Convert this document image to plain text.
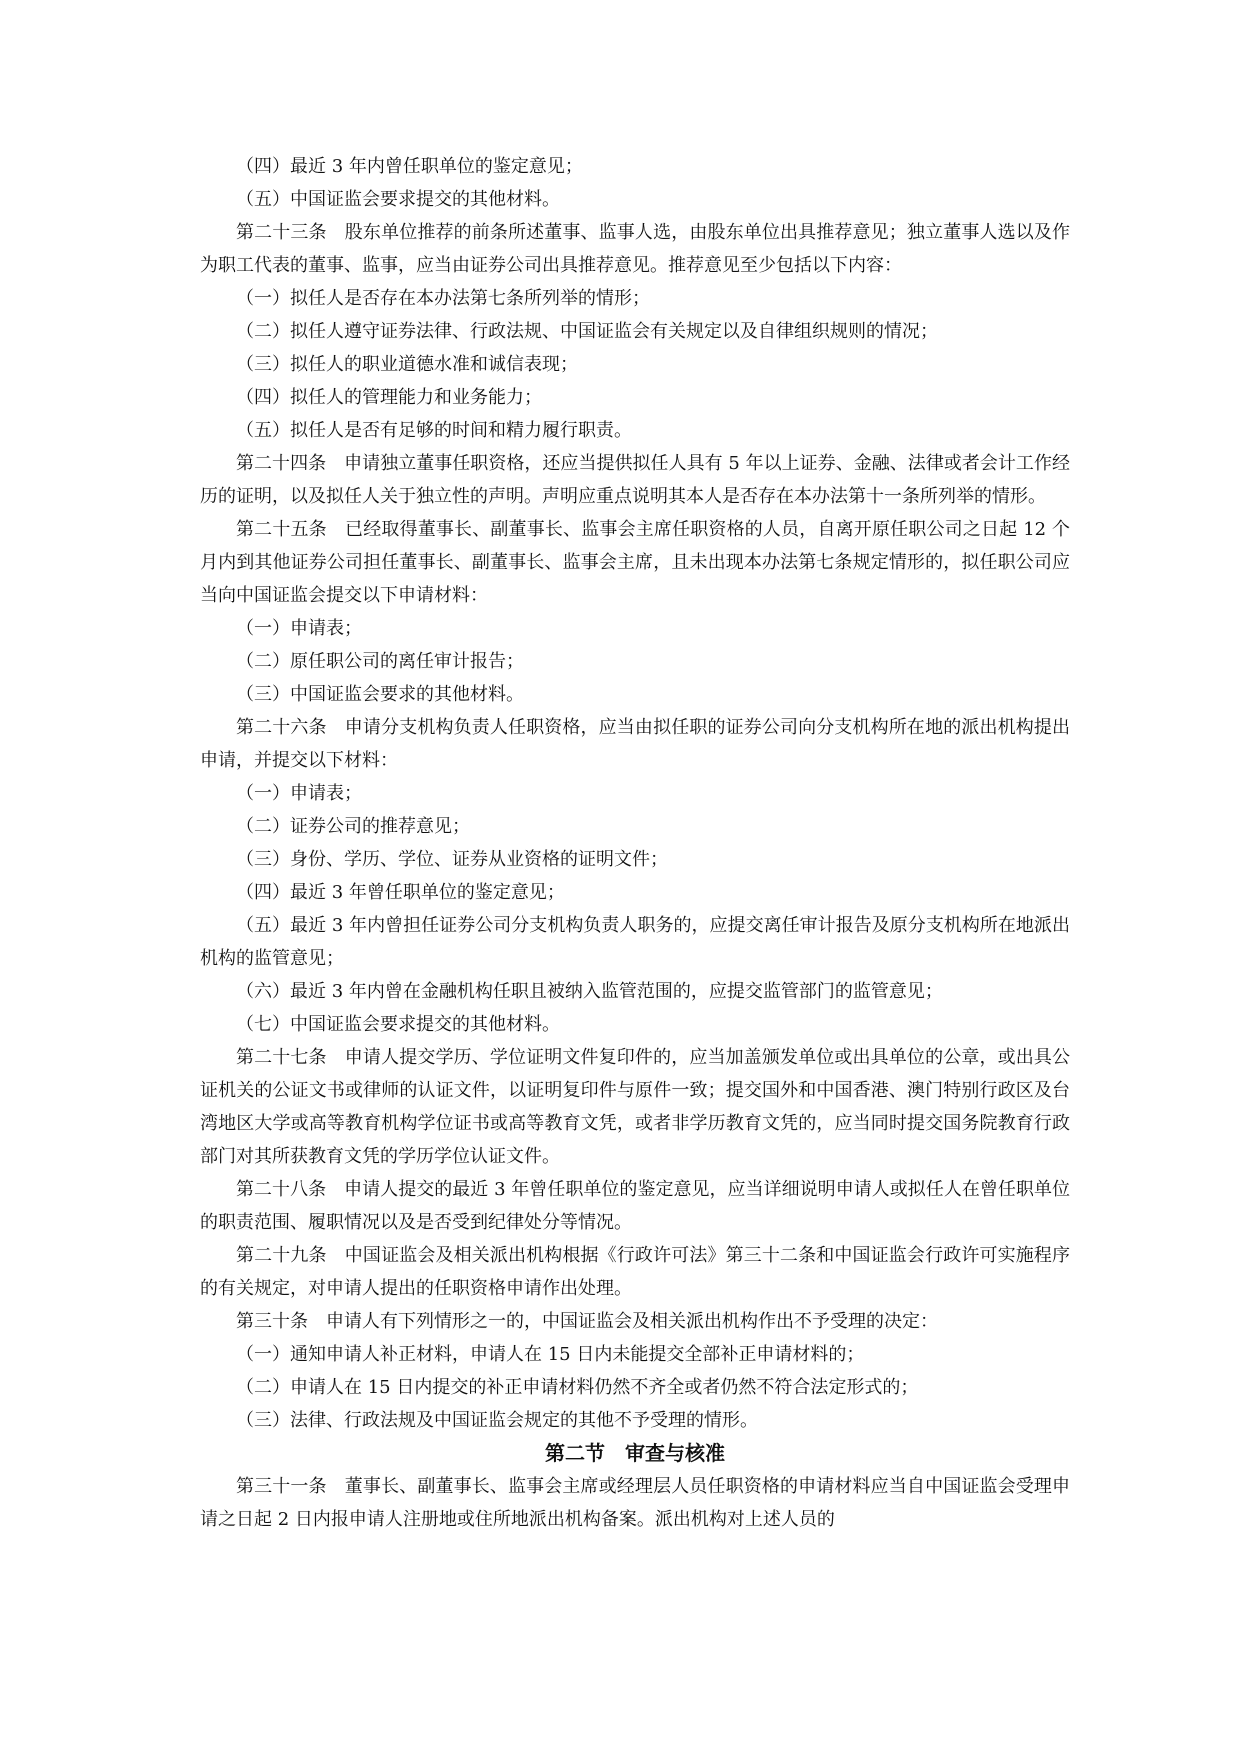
（四）最近 3 年内曾任职单位的鉴定意见；
（五）中国证监会要求提交的其他材料。
第二十三条　股东单位推荐的前条所述董事、监事人选，由股东单位出具推荐意见；独立董事人选以及作为职工代表的董事、监事，应当由证券公司出具推荐意见。推荐意见至少包括以下内容：
（一）拟任人是否存在本办法第七条所列举的情形；
（二）拟任人遵守证券法律、行政法规、中国证监会有关规定以及自律组织规则的情况；
（三）拟任人的职业道德水准和诚信表现；
（四）拟任人的管理能力和业务能力；
（五）拟任人是否有足够的时间和精力履行职责。
第二十四条　申请独立董事任职资格，还应当提供拟任人具有 5 年以上证券、金融、法律或者会计工作经历的证明，以及拟任人关于独立性的声明。声明应重点说明其本人是否存在本办法第十一条所列举的情形。
第二十五条　已经取得董事长、副董事长、监事会主席任职资格的人员，自离开原任职公司之日起 12 个月内到其他证券公司担任董事长、副董事长、监事会主席，且未出现本办法第七条规定情形的，拟任职公司应当向中国证监会提交以下申请材料：
（一）申请表；
（二）原任职公司的离任审计报告；
（三）中国证监会要求的其他材料。
第二十六条　申请分支机构负责人任职资格，应当由拟任职的证券公司向分支机构所在地的派出机构提出申请，并提交以下材料：
（一）申请表；
（二）证券公司的推荐意见；
（三）身份、学历、学位、证券从业资格的证明文件；
（四）最近 3 年曾任职单位的鉴定意见；
（五）最近 3 年内曾担任证券公司分支机构负责人职务的，应提交离任审计报告及原分支机构所在地派出机构的监管意见；
（六）最近 3 年内曾在金融机构任职且被纳入监管范围的，应提交监管部门的监管意见；
（七）中国证监会要求提交的其他材料。
第二十七条　申请人提交学历、学位证明文件复印件的，应当加盖颁发单位或出具单位的公章，或出具公证机关的公证文书或律师的认证文件，以证明复印件与原件一致；提交国外和中国香港、澳门特别行政区及台湾地区大学或高等教育机构学位证书或高等教育文凭，或者非学历教育文凭的，应当同时提交国务院教育行政部门对其所获教育文凭的学历学位认证文件。
第二十八条　申请人提交的最近 3 年曾任职单位的鉴定意见，应当详细说明申请人或拟任人在曾任职单位的职责范围、履职情况以及是否受到纪律处分等情况。
第二十九条　中国证监会及相关派出机构根据《行政许可法》第三十二条和中国证监会行政许可实施程序的有关规定，对申请人提出的任职资格申请作出处理。
第三十条　申请人有下列情形之一的，中国证监会及相关派出机构作出不予受理的决定：
（一）通知申请人补正材料，申请人在 15 日内未能提交全部补正申请材料的；
（二）申请人在 15 日内提交的补正申请材料仍然不齐全或者仍然不符合法定形式的；
（三）法律、行政法规及中国证监会规定的其他不予受理的情形。
第二节　审查与核准
第三十一条　董事长、副董事长、监事会主席或经理层人员任职资格的申请材料应当自中国证监会受理申请之日起 2 日内报申请人注册地或住所地派出机构备案。派出机构对上述人员的
